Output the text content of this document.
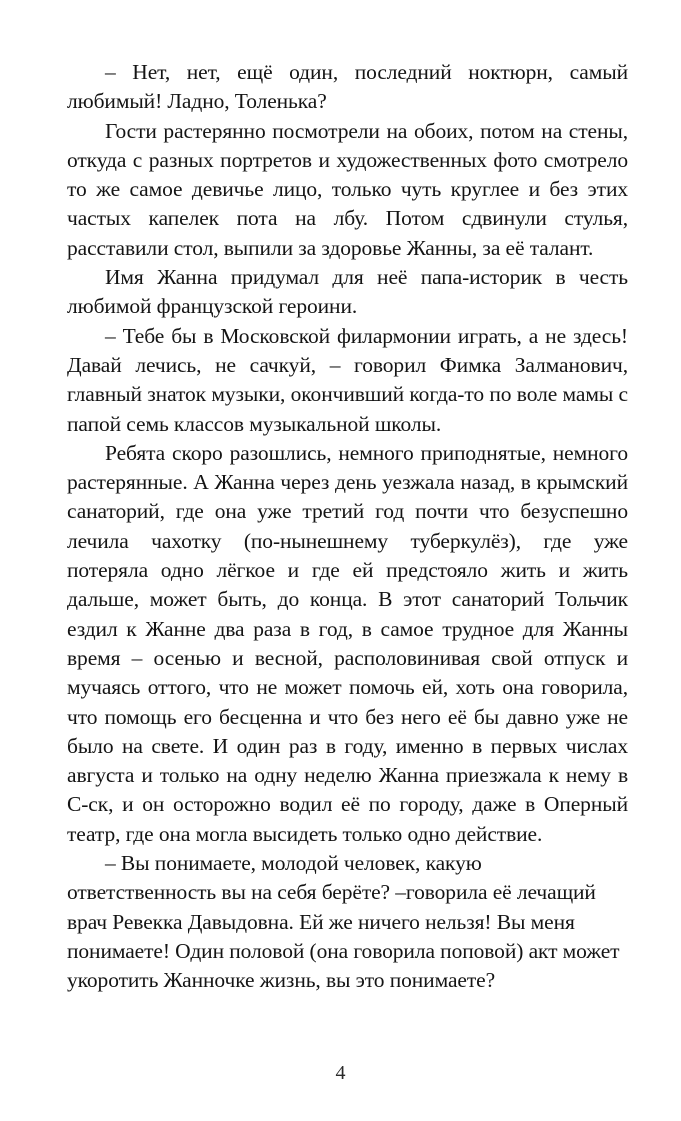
– Нет, нет, ещё один, последний ноктюрн, самый любимый! Ладно, Толенька?

Гости растерянно посмотрели на обоих, потом на стены, откуда с разных портретов и художественных фото смотрело то же самое девичье лицо, только чуть круглее и без этих частых капелек пота на лбу. Потом сдвинули стулья, расставили стол, выпили за здоровье Жанны, за её талант.

Имя Жанна придумал для неё папа-историк в честь любимой французской героини.

– Тебе бы в Московской филармонии играть, а не здесь! Давай лечись, не сачкуй, – говорил Фимка Залманович, главный знаток музыки, окончивший когда-то по воле мамы с папой семь классов музыкальной школы.

Ребята скоро разошлись, немного приподнятые, немного растерянные. А Жанна через день уезжала назад, в крымский санаторий, где она уже третий год почти что безуспешно лечила чахотку (по-нынешнему туберкулёз), где уже потеряла одно лёгкое и где ей предстояло жить и жить дальше, может быть, до конца. В этот санаторий Тольчик ездил к Жанне два раза в год, в самое трудное для Жанны время – осенью и весной, располовинивая свой отпуск и мучаясь оттого, что не может помочь ей, хоть она говорила, что помощь его бесценна и что без него её бы давно уже не было на свете. И один раз в году, именно в первых числах августа и только на одну неделю Жанна приезжала к нему в С-ск, и он осторожно водил её по городу, даже в Оперный театр, где она могла высидеть только одно действие.

– Вы понимаете, молодой человек, какую ответственность вы на себя берёте? –говорила её лечащий врач Ревекка Давыдовна. Ей же ничего нельзя! Вы меня понимаете! Один половой (она говорила поповой) акт может укоротить Жанночке жизнь, вы это понимаете?

4
